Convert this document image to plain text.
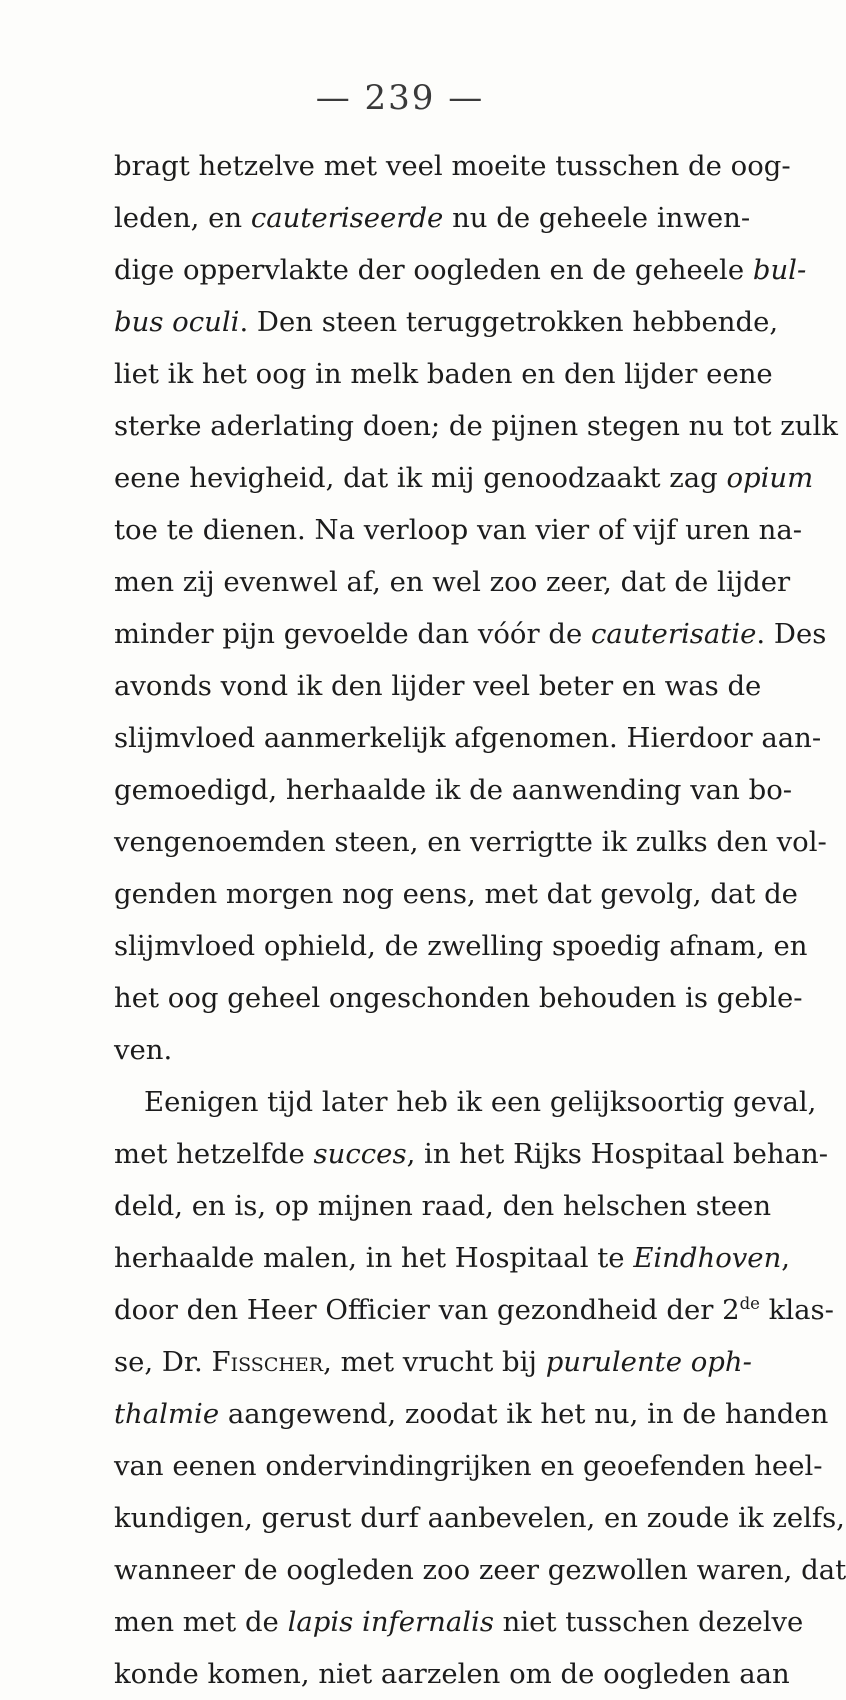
— 239 —
bragt hetzelve met veel moeite tusschen de oog-
leden, en cauteriseerde nu de geheele inwen-
dige oppervlakte der oogleden en de geheele bul-
bus oculi. Den steen teruggetrokken hebbende,
liet ik het oog in melk baden en den lijder eene
sterke aderlating doen; de pijnen stegen nu tot zulk
eene hevigheid, dat ik mij genoodzaakt zag opium
toe te dienen. Na verloop van vier of vijf uren na-
men zij evenwel af, en wel zoo zeer, dat de lijder
minder pijn gevoelde dan vóór de cauterisatie. Des
avonds vond ik den lijder veel beter en was de
slijmvloed aanmerkelijk afgenomen. Hierdoor aan-
gemoedigd, herhaalde ik de aanwending van bo-
vengenoemden steen, en verrigtte ik zulks den vol-
genden morgen nog eens, met dat gevolg, dat de
slijmvloed ophield, de zwelling spoedig afnam, en
het oog geheel ongeschonden behouden is geble-
ven.
Eenigen tijd later heb ik een gelijksoortig geval,
met hetzelfde succes, in het Rijks Hospitaal behan-
deld, en is, op mijnen raad, den helschen steen
herhaalde malen, in het Hospitaal te Eindhoven,
door den Heer Officier van gezondheid der 2de klas-
se, Dr. Fisscher, met vrucht bij purulente oph-
thalmie aangewend, zoodat ik het nu, in de handen
van eenen ondervindingrijken en geoefenden heel-
kundigen, gerust durf aanbevelen, en zoude ik zelfs,
wanneer de oogleden zoo zeer gezwollen waren, dat
men met de lapis infernalis niet tusschen dezelve
konde komen, niet aarzelen om de oogleden aan
